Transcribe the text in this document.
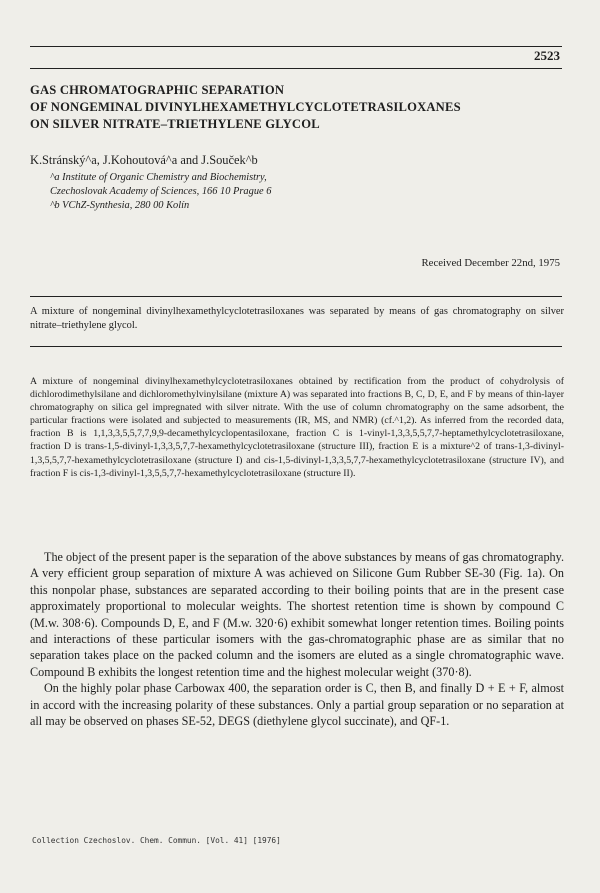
2523
GAS CHROMATOGRAPHIC SEPARATION
OF NONGEMINAL DIVINYLHEXAMETHYLCYCLOTETRASILOXANES
ON SILVER NITRATE–TRIETHYLENE GLYCOL
K.Stránský^a, J.Kohoutová^a and J.Souček^b
^a Institute of Organic Chemistry and Biochemistry,
Czechoslovak Academy of Sciences, 166 10 Prague 6
^b VChZ-Synthesia, 280 00 Kolín
Received December 22nd, 1975
A mixture of nongeminal divinylhexamethylcyclotetrasiloxanes was separated by means of gas chromatography on silver nitrate–triethylene glycol.
A mixture of nongeminal divinylhexamethylcyclotetrasiloxanes obtained by rectification from the product of cohydrolysis of dichlorodimethylsilane and dichloromethylvinylsilane (mixture A) was separated into fractions B, C, D, E, and F by means of thin-layer chromatography on silica gel impregnated with silver nitrate. With the use of column chromatography on the same adsorbent, the particular fractions were isolated and subjected to measurements (IR, MS, and NMR) (cf.^1,2). As inferred from the recorded data, fraction B is 1,1,3,3,5,5,7,7,9,9-decamethylcyclopentasiloxane, fraction C is 1-vinyl-1,3,3,5,5,7,7-heptamethylcyclotetrasiloxane, fraction D is trans-1,5-divinyl-1,3,3,5,7,7-hexamethylcyclotetrasiloxane (structure III), fraction E is a mixture^2 of trans-1,3-divinyl-1,3,5,5,7,7-hexamethylcyclotetrasiloxane (structure I) and cis-1,5-divinyl-1,3,3,5,7,7-hexamethylcyclotetrasiloxane (structure IV), and fraction F is cis-1,3-divinyl-1,3,5,5,7,7-hexamethylcyclotetrasiloxane (structure II).

The object of the present paper is the separation of the above substances by means of gas chromatography. A very efficient group separation of mixture A was achieved on Silicone Gum Rubber SE-30 (Fig. 1a). On this nonpolar phase, substances are separated according to their boiling points that are in the present case approximately proportional to molecular weights. The shortest retention time is shown by compound C (M.w. 308·6). Compounds D, E, and F (M.w. 320·6) exhibit somewhat longer retention times. Boiling points and interactions of these particular isomers with the gas-chromatographic phase are as similar that no separation takes place on the packed column and the isomers are eluted as a single chromatographic wave. Compound B exhibits the longest retention time and the highest molecular weight (370·8).

On the highly polar phase Carbowax 400, the separation order is C, then B, and finally D + E + F, almost in accord with the increasing polarity of these substances. Only a partial group separation or no separation at all may be observed on phases SE-52, DEGS (diethylene glycol succinate), and QF-1.

Collection Czechoslov. Chem. Commun. [Vol. 41] [1976]
